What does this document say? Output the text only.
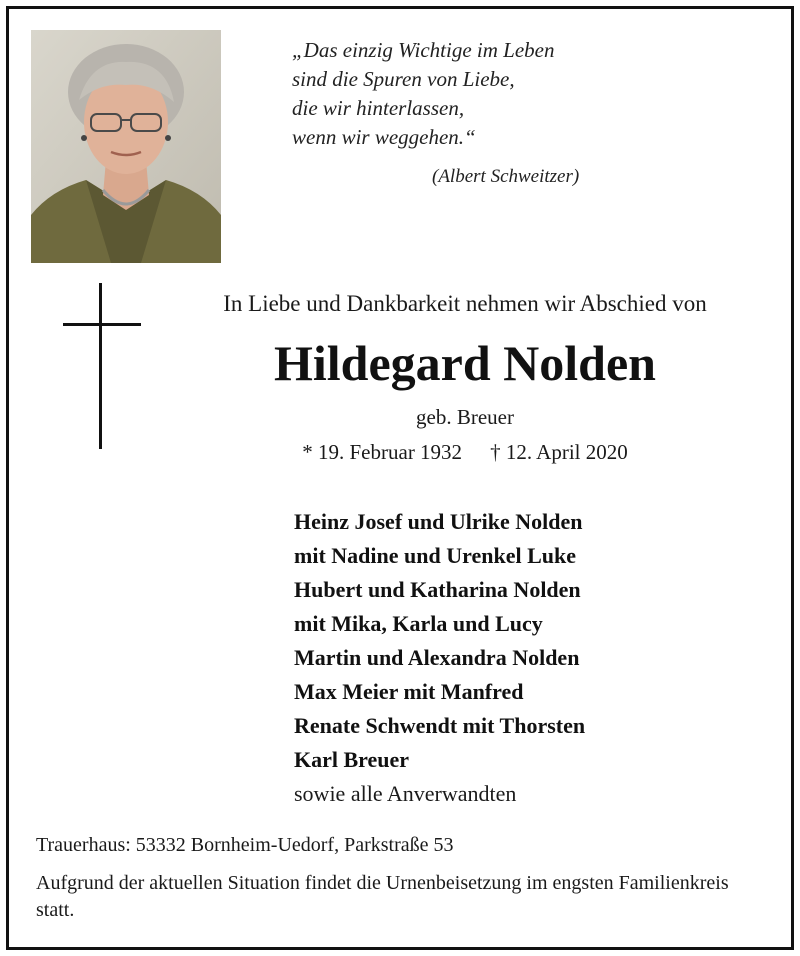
„Das einzig Wichtige im Leben
sind die Spuren von Liebe,
die wir hinterlassen,
wenn wir weggehen.“
(Albert Schweitzer)
In Liebe und Dankbarkeit nehmen wir Abschied von
Hildegard Nolden
geb. Breuer
* 19. Februar 1932 † 12. April 2020
Heinz Josef und Ulrike Nolden
mit Nadine und Urenkel Luke
Hubert und Katharina Nolden
mit Mika, Karla und Lucy
Martin und Alexandra Nolden
Max Meier mit Manfred
Renate Schwendt mit Thorsten
Karl Breuer
sowie alle Anverwandten
Trauerhaus: 53332 Bornheim-Uedorf, Parkstraße 53
Aufgrund der aktuellen Situation findet die Urnenbeisetzung im engsten Familienkreis statt.
